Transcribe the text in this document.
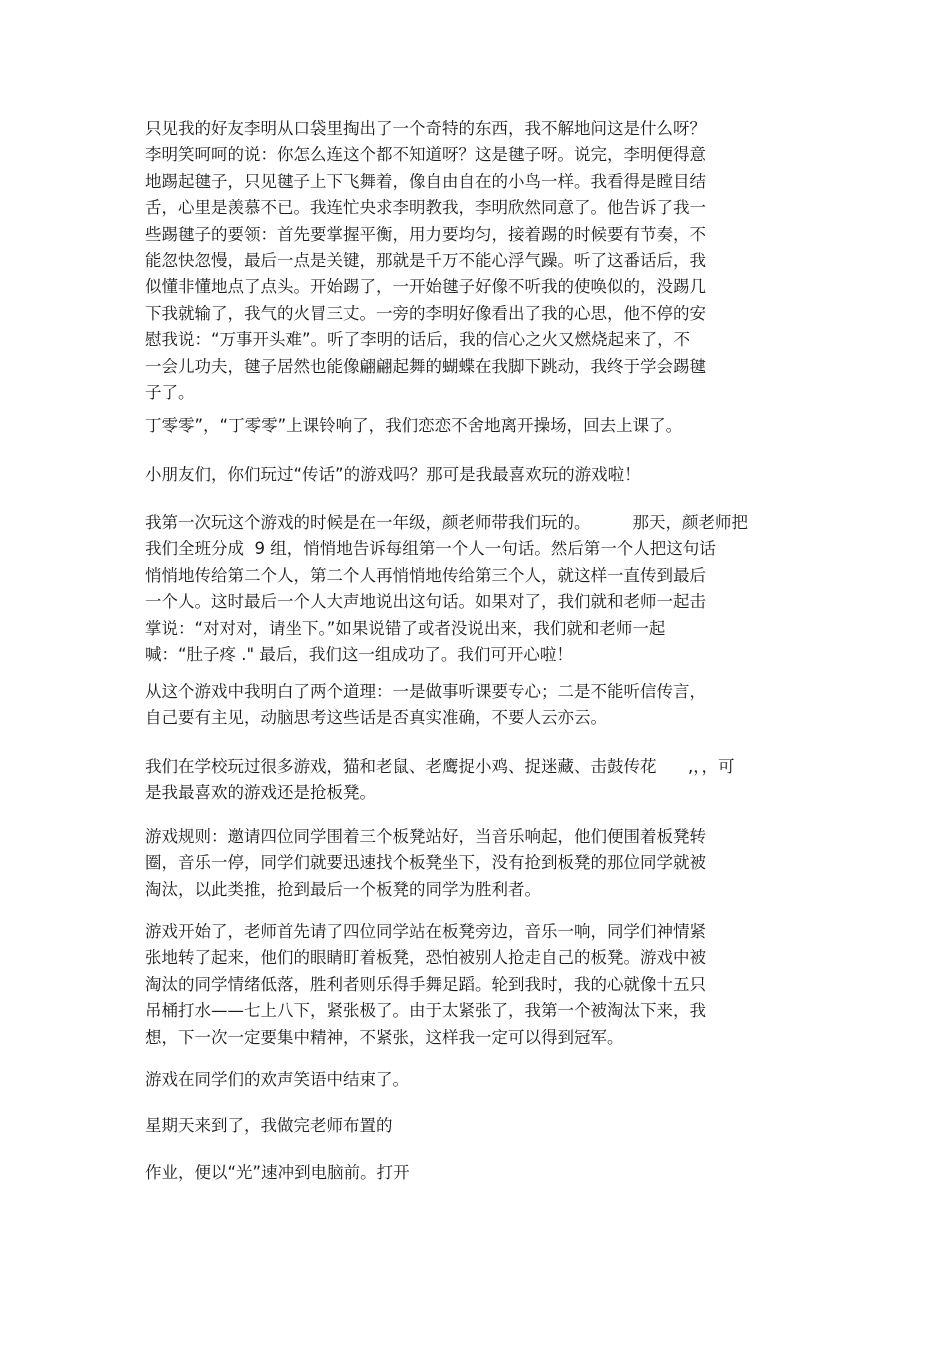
只见我的好友李明从口袋里掏出了一个奇特的东西，我不解地问这是什么呀？
李明笑呵呵的说：你怎么连这个都不知道呀？这是毽子呀。说完，李明便得意
地踢起毽子，只见毽子上下飞舞着，像自由自在的小鸟一样。我看得是瞠目结
舌，心里是羡慕不已。我连忙央求李明教我，李明欣然同意了。他告诉了我一
些踢毽子的要领：首先要掌握平衡，用力要均匀，接着踢的时候要有节奏，不
能忽快忽慢，最后一点是关键，那就是千万不能心浮气躁。听了这番话后，我
似懂非懂地点了点头。开始踢了，一开始毽子好像不听我的使唤似的，没踢几
下我就输了，我气的火冒三丈。一旁的李明好像看出了我的心思，他不停的安
慰我说：“万事开头难”。听了李明的话后，我的信心之火又燃烧起来了，不
一会儿功夫，毽子居然也能像翩翩起舞的蝴蝶在我脚下跳动，我终于学会踢毽
子了。
丁零零”，“丁零零”上课铃响了，我们恋恋不舍地离开操场，回去上课了。
小朋友们，你们玩过“传话”的游戏吗？那可是我最喜欢玩的游戏啦！
我第一次玩这个游戏的时候是在一年级，颜老师带我们玩的。        那天，颜老师把
我们全班分成  9 组，悄悄地告诉每组第一个人一句话。然后第一个人把这句话
悄悄地传给第二个人，第二个人再悄悄地传给第三个人，就这样一直传到最后
一个人。这时最后一个人大声地说出这句话。如果对了，我们就和老师一起击
掌说：“对对对，请坐下。”如果说错了或者没说出来，我们就和老师一起
喊：“肚子疼 ." 最后，我们这一组成功了。我们可开心啦！
从这个游戏中我明白了两个道理：一是做事听课要专心；二是不能听信传言，
自己要有主见，动脑思考这些话是否真实准确，不要人云亦云。
我们在学校玩过很多游戏，猫和老鼠、老鹰捉小鸡、捉迷藏、击鼓传花      ,，，可
是我最喜欢的游戏还是抢板凳。
游戏规则：邀请四位同学围着三个板凳站好，当音乐响起，他们便围着板凳转
圈，音乐一停，同学们就要迅速找个板凳坐下，没有抢到板凳的那位同学就被
淘汰，以此类推，抢到最后一个板凳的同学为胜利者。
游戏开始了，老师首先请了四位同学站在板凳旁边，音乐一响，同学们神情紧
张地转了起来，他们的眼睛盯着板凳，恐怕被别人抢走自己的板凳。游戏中被
淘汰的同学情绪低落，胜利者则乐得手舞足蹈。轮到我时，我的心就像十五只
吊桶打水——七上八下，紧张极了。由于太紧张了，我第一个被淘汰下来，我
想，下一次一定要集中精神，不紧张，这样我一定可以得到冠军。
游戏在同学们的欢声笑语中结束了。
星期天来到了，我做完老师布置的
作业，便以“光”速冲到电脑前。打开
